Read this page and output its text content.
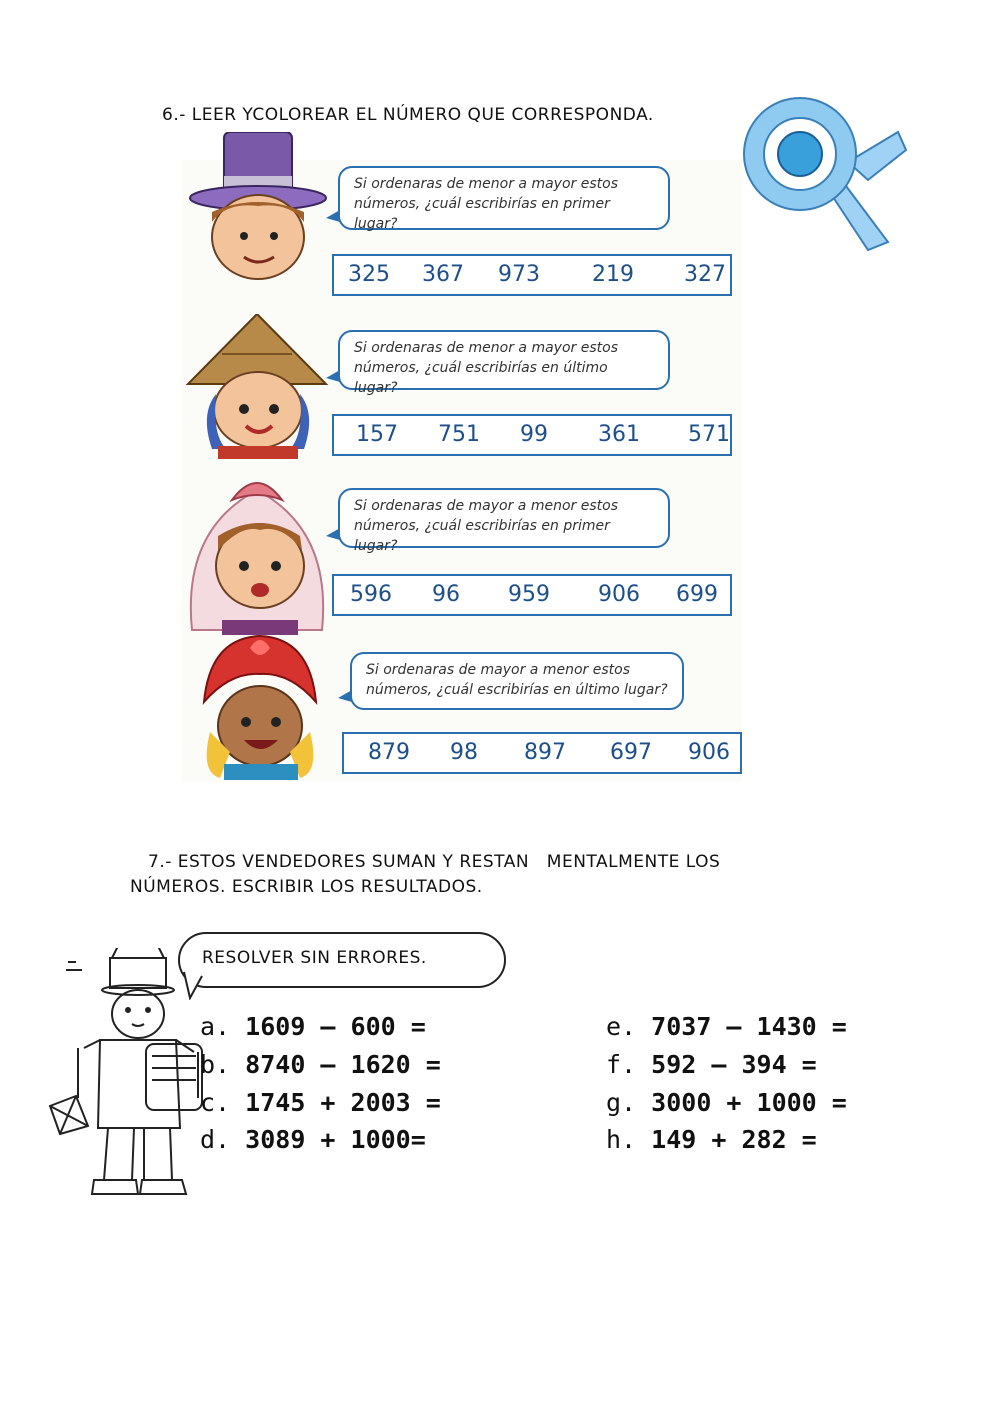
6.- LEER YCOLOREAR EL NÚMERO QUE CORRESPONDA.
Si ordenaras de menor a mayor estos
números, ¿cuál escribirías en primer lugar?
325 367 973 219 327
Si ordenaras de menor a mayor estos
números, ¿cuál escribirías en último lugar?
157 751 99 361 571
Si ordenaras de mayor a menor estos
números, ¿cuál escribirías en primer lugar?
596 96 959 906 699
Si ordenaras de mayor a menor estos
números, ¿cuál escribirías en último lugar?
879 98 897 697 906
7.- ESTOS VENDEDORES SUMAN Y RESTAN   MENTALMENTE LOS
NÚMEROS. ESCRIBIR LOS RESULTADOS.
RESOLVER SIN ERRORES.
a. 1609 – 600 =
b. 8740 – 1620 =
c. 1745 + 2003 =
d. 3089 + 1000=
e. 7037 – 1430 =
f. 592 – 394 =
g. 3000 + 1000 =
h. 149 + 282 =
